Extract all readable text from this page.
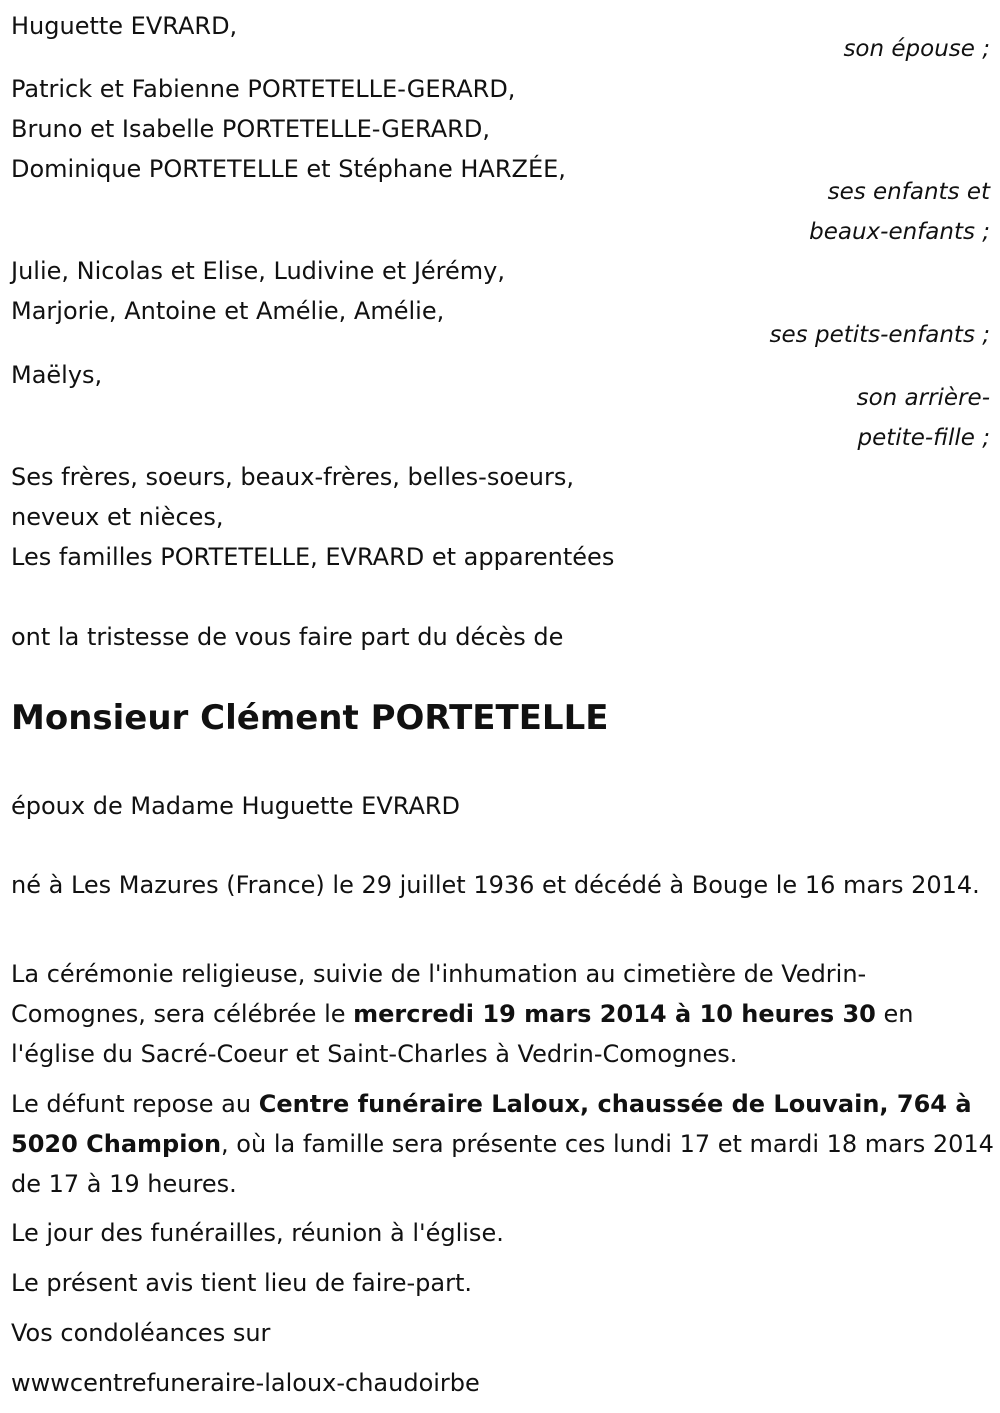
Huguette EVRARD,
son épouse ;
Patrick et Fabienne PORTETELLE-GERARD,
Bruno et Isabelle PORTETELLE-GERARD,
Dominique PORTETELLE et Stéphane HARZÉE,
ses enfants et
beaux-enfants ;
Julie, Nicolas et Elise, Ludivine et Jérémy,
Marjorie, Antoine et Amélie, Amélie,
ses petits-enfants ;
Maëlys,
son arrière-
petite-fille ;
Ses frères, soeurs, beaux-frères, belles-soeurs,
neveux et nièces,
Les familles PORTETELLE, EVRARD et apparentées
ont la tristesse de vous faire part du décès de
Monsieur Clément PORTETELLE
époux de Madame Huguette EVRARD
né à Les Mazures (France) le 29 juillet 1936 et décédé à Bouge le 16 mars 2014.
La cérémonie religieuse, suivie de l'inhumation au cimetière de Vedrin-Comognes, sera célébrée le mercredi 19 mars 2014 à 10 heures 30 en l'église du Sacré-Coeur et Saint-Charles à Vedrin-Comognes.
Le défunt repose au Centre funéraire Laloux, chaussée de Louvain, 764 à 5020 Champion, où la famille sera présente ces lundi 17 et mardi 18 mars 2014 de 17 à 19 heures.
Le jour des funérailles, réunion à l'église.
Le présent avis tient lieu de faire-part.
Vos condoléances sur
wwwcentrefuneraire-laloux-chaudoirbe
